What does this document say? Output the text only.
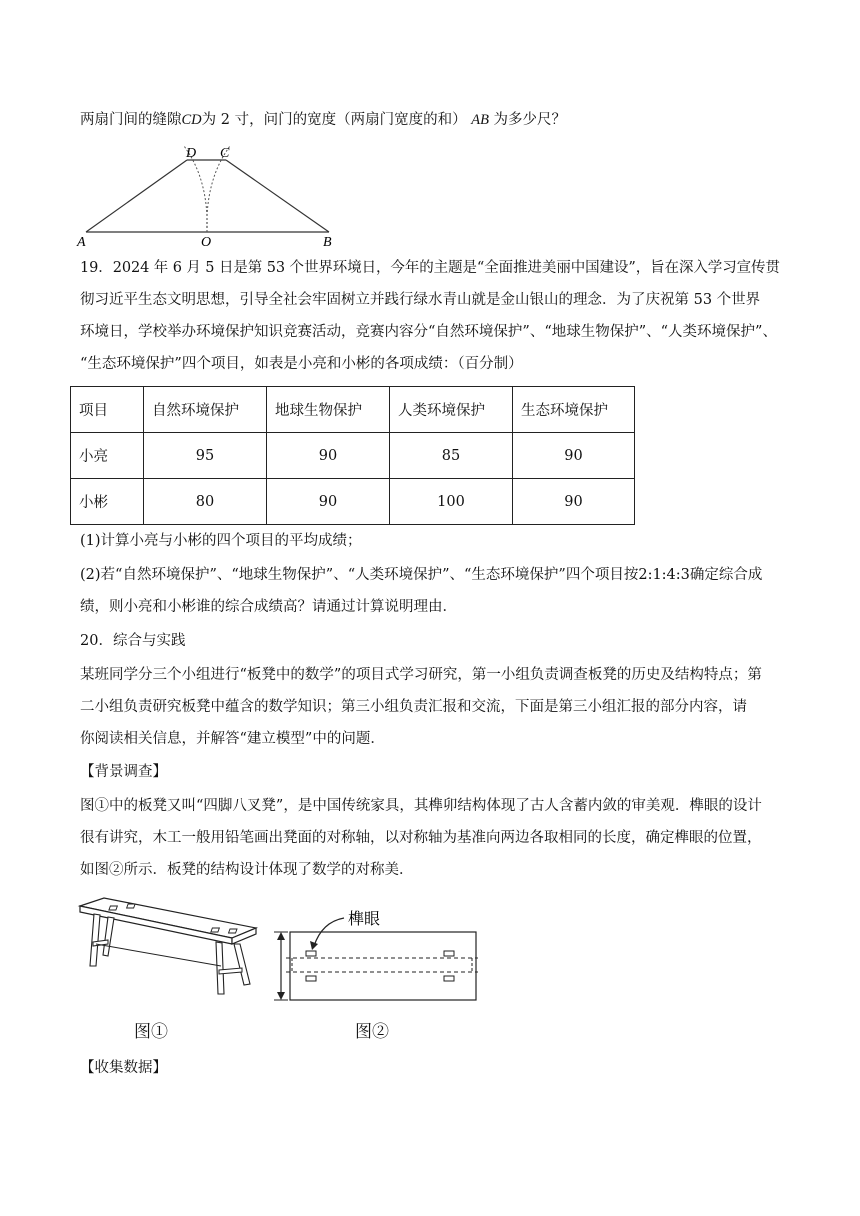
两扇门间的缝隙CD为 2 寸，问门的宽度（两扇门宽度的和） AB 为多少尺？
A	O	B
D C
19．2024 年 6 月 5 日是第 53 个世界环境日，今年的主题是“全面推进美丽中国建设”，旨在深入学习宣传贯
彻习近平生态文明思想，引导全社会牢固树立并践行绿水青山就是金山银山的理念．为了庆祝第 53 个世界
环境日，学校举办环境保护知识竞赛活动，竞赛内容分“自然环境保护”、“地球生物保护”、“人类环境保护”、
“生态环境保护”四个项目，如表是小亮和小彬的各项成绩：（百分制）
项目	自然环境保护	地球生物保护	人类环境保护	生态环境保护
小亮	95	90	85	90
小彬	80	90	100	90
(1)计算小亮与小彬的四个项目的平均成绩；
(2)若“自然环境保护”、“地球生物保护”、“人类环境保护”、“生态环境保护”四个项目按2:1:4:3确定综合成
绩，则小亮和小彬谁的综合成绩高？请通过计算说明理由．
20．综合与实践
某班同学分三个小组进行“板凳中的数学”的项目式学习研究，第一小组负责调查板凳的历史及结构特点；第
二小组负责研究板凳中蕴含的数学知识；第三小组负责汇报和交流，下面是第三小组汇报的部分内容，请
你阅读相关信息，并解答“建立模型”中的问题．
【背景调查】
图①中的板凳又叫“四脚八叉凳”，是中国传统家具，其榫卯结构体现了古人含蓄内敛的审美观．榫眼的设计
很有讲究，木工一般用铅笔画出凳面的对称轴，以对称轴为基准向两边各取相同的长度，确定榫眼的位置，
如图②所示．板凳的结构设计体现了数学的对称美．
图①
榫眼
图②
【收集数据】
